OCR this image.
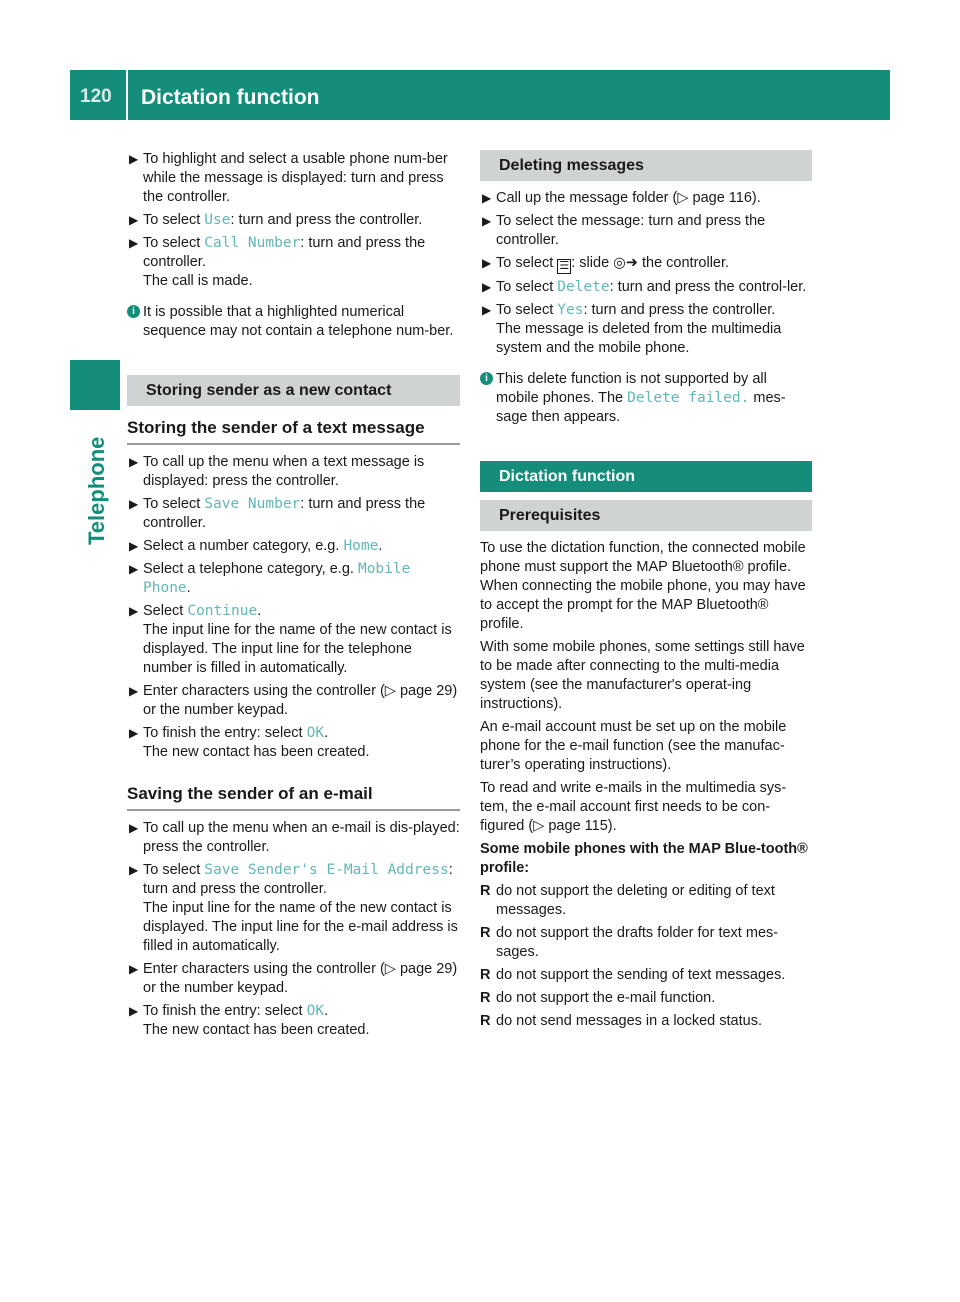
120 Dictation function
Telephone
▶ To highlight and select a usable phone num-ber while the message is displayed: turn and press the controller.
▶ To select Use: turn and press the controller.
▶ To select Call Number: turn and press the controller.
The call is made.
i It is possible that a highlighted numerical sequence may not contain a telephone num-ber.
Storing sender as a new contact
Storing the sender of a text message
▶ To call up the menu when a text message is displayed: press the controller.
▶ To select Save Number: turn and press the controller.
▶ Select a number category, e.g. Home.
▶ Select a telephone category, e.g. Mobile Phone.
▶ Select Continue.
The input line for the name of the new contact is displayed. The input line for the telephone number is filled in automatically.
▶ Enter characters using the controller (▷ page 29) or the number keypad.
▶ To finish the entry: select OK.
The new contact has been created.
Saving the sender of an e-mail
▶ To call up the menu when an e-mail is dis-played: press the controller.
▶ To select Save Sender's E-Mail Address: turn and press the controller.
The input line for the name of the new contact is displayed. The input line for the e-mail address is filled in automatically.
▶ Enter characters using the controller (▷ page 29) or the number keypad.
▶ To finish the entry: select OK.
The new contact has been created.
Deleting messages
▶ Call up the message folder (▷ page 116).
▶ To select the message: turn and press the controller.
▶ To select ☰ : slide ◎➜ the controller.
▶ To select Delete: turn and press the control-ler.
▶ To select Yes: turn and press the controller.
The message is deleted from the multimedia system and the mobile phone.
i This delete function is not supported by all mobile phones. The Delete failed. mes-sage then appears.
Dictation function
Prerequisites

To use the dictation function, the connected mobile phone must support the MAP Bluetooth® profile. When connecting the mobile phone, you may have to accept the prompt for the MAP Bluetooth® profile.

With some mobile phones, some settings still have to be made after connecting to the multi-media system (see the manufacturer's operat-ing instructions).

An e-mail account must be set up on the mobile phone for the e-mail function (see the manufac-turer’s operating instructions).

To read and write e-mails in the multimedia sys-tem, the e-mail account first needs to be con-figured (▷ page 115).

Some mobile phones with the MAP Blue-tooth® profile:

R do not support the deleting or editing of text messages.
R do not support the drafts folder for text mes-sages.
R do not support the sending of text messages.
R do not support the e-mail function.
R do not send messages in a locked status.
